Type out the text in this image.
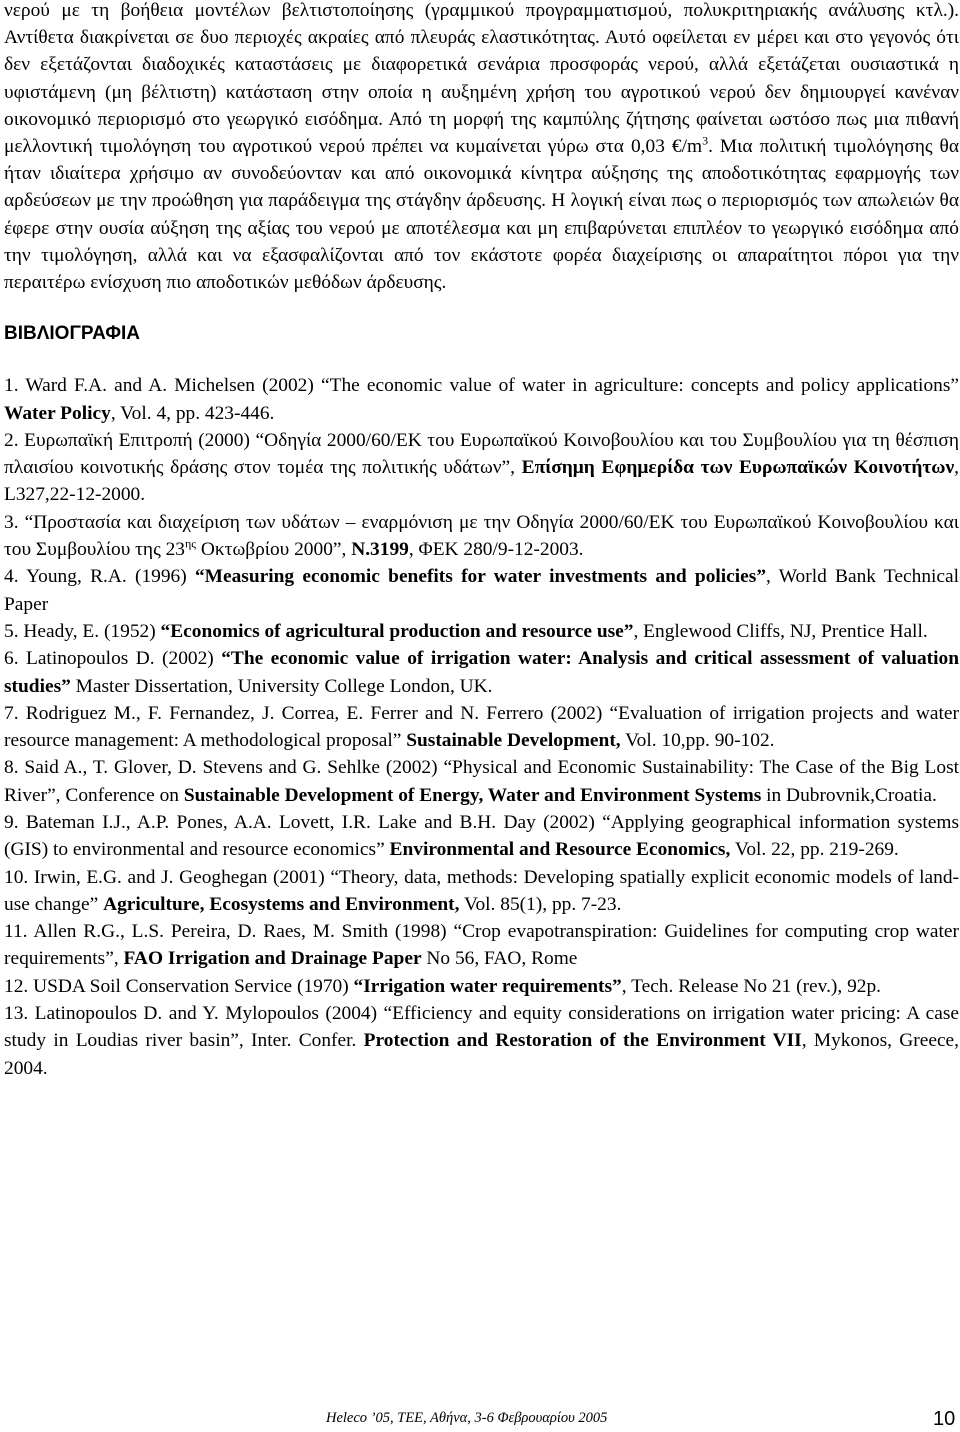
νερού με τη βοήθεια μοντέλων βελτιστοποίησης (γραμμικού προγραμματισμού, πολυκριτηριακής ανάλυσης κτλ.). Αντίθετα διακρίνεται σε δυο περιοχές ακραίες από πλευράς ελαστικότητας. Αυτό οφείλεται εν μέρει και στο γεγονός ότι δεν εξετάζονται διαδοχικές καταστάσεις με διαφορετικά σενάρια προσφοράς νερού, αλλά εξετάζεται ουσιαστικά η υφιστάμενη (μη βέλτιστη) κατάσταση στην οποία η αυξημένη χρήση του αγροτικού νερού δεν δημιουργεί κανέναν οικονομικό περιορισμό στο γεωργικό εισόδημα. Από τη μορφή της καμπύλης ζήτησης φαίνεται ωστόσο πως μια πιθανή μελλοντική τιμολόγηση του αγροτικού νερού πρέπει να κυμαίνεται γύρω στα 0,03 $€/m^3$. Μια πολιτική τιμολόγησης θα ήταν ιδιαίτερα χρήσιμο αν συνοδεύονταν και από οικονομικά κίνητρα αύξησης της αποδοτικότητας εφαρμογής των αρδεύσεων με την προώθηση για παράδειγμα της στάγδην άρδευσης. Η λογική είναι πως ο περιορισμός των απωλειών θα έφερε στην ουσία αύξηση της αξίας του νερού με αποτέλεσμα και μη επιβαρύνεται επιπλέον το γεωργικό εισόδημα από την τιμολόγηση, αλλά και να εξασφαλίζονται από τον εκάστοτε φορέα διαχείρισης οι απαραίτητοι πόροι για την περαιτέρω ενίσχυση πιο αποδοτικών μεθόδων άρδευσης.

ΒΙΒΛΙΟΓΡΑΦΙΑ

1. Ward F.A. and A. Michelsen (2002) “The economic value of water in agriculture: concepts and policy applications” Water Policy, Vol. 4, pp. 423-446.

2. Ευρωπαϊκή Επιτροπή (2000) “Οδηγία 2000/60/ΕΚ του Ευρωπαϊκού Κοινοβουλίου και του Συμβουλίου για τη θέσπιση πλαισίου κοινοτικής δράσης στον τομέα της πολιτικής υδάτων”, Επίσημη Εφημερίδα των Ευρωπαϊκών Κοινοτήτων, L327,22-12-2000.

3. “Προστασία και διαχείριση των υδάτων – εναρμόνιση με την Οδηγία 2000/60/ΕΚ του Ευρωπαϊκού Κοινοβουλίου και του Συμβουλίου της $23^{\eta\varsigma}$ Οκτωβρίου 2000”, Ν.3199, ΦΕΚ 280/9-12-2003.

4. Young, R.A. (1996) “Measuring economic benefits for water investments and policies”, World Bank Technical Paper

5. Heady, E. (1952) “Economics of agricultural production and resource use”, Englewood Cliffs, NJ, Prentice Hall.

6. Latinopoulos D. (2002) “The economic value of irrigation water: Analysis and critical assessment of valuation studies” Master Dissertation, University College London, UK.

7. Rodriguez M., F. Fernandez, J. Correa, E. Ferrer and N. Ferrero (2002) “Evaluation of irrigation projects and water resource management: A methodological proposal” Sustainable Development, Vol. 10,pp. 90-102.

8. Said A., T. Glover, D. Stevens and G. Sehlke (2002) “Physical and Economic Sustainability: The Case of the Big Lost River”, Conference on Sustainable Development of Energy, Water and Environment Systems in Dubrovnik,Croatia.

9. Bateman I.J., A.P. Pones, A.A. Lovett, I.R. Lake and B.H. Day (2002) “Applying geographical information systems (GIS) to environmental and resource economics” Environmental and Resource Economics, Vol. 22, pp. 219-269.

10. Irwin, E.G. and J. Geoghegan (2001) “Theory, data, methods: Developing spatially explicit economic models of land-use change” Agriculture, Ecosystems and Environment, Vol. 85(1), pp. 7-23.

11. Allen R.G., L.S. Pereira, D. Raes, M. Smith (1998) “Crop evapotranspiration: Guidelines for computing crop water requirements”, FAO Irrigation and Drainage Paper No 56, FAO, Rome

12. USDA Soil Conservation Service (1970) “Irrigation water requirements”, Tech. Release No 21 (rev.), 92p.

13. Latinopoulos D. and Y. Mylopoulos (2004) “Efficiency and equity considerations on irrigation water pricing: A case study in Loudias river basin”, Inter. Confer. Protection and Restoration of the Environment VII, Mykonos, Greece, 2004.

Heleco ’05, ΤΕΕ, Αθήνα, 3-6 Φεβρουαρίου 2005	10
